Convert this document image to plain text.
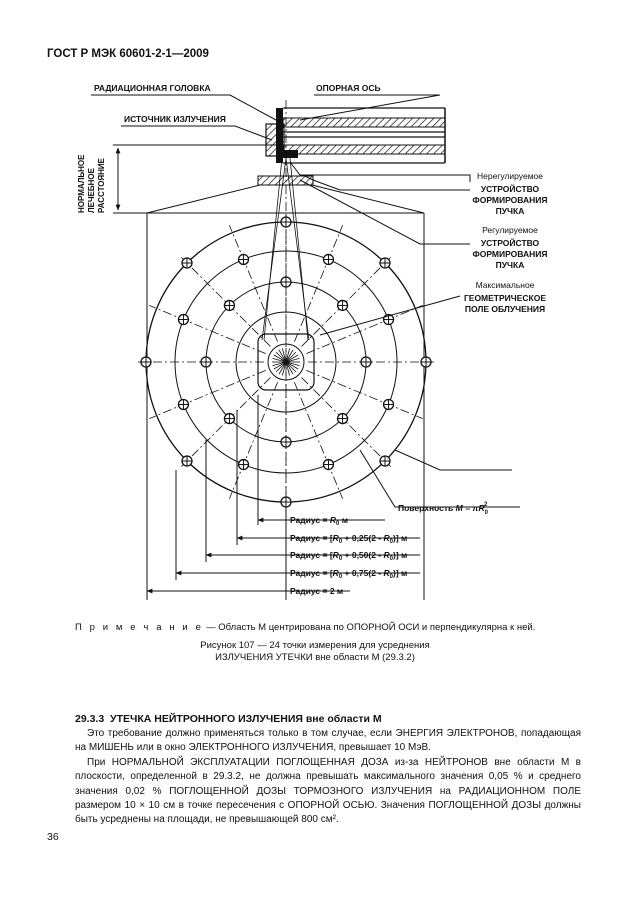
ГОСТ Р МЭК 60601-2-1—2009
РАДИАЦИОННАЯ ГОЛОВКА	ОПОРНАЯ ОСЬ
ИСТОЧНИК ИЗЛУЧЕНИЯ
НОРМАЛЬНОЕ ЛЕЧЕБНОЕ РАССТОЯНИЕ	Нерегулируемое
УСТРОЙСТВО
ФОРМИРОВАНИЯ
ПУЧКА
Регулируемое
УСТРОЙСТВО
ФОРМИРОВАНИЯ
ПУЧКА
Максимальное
ГЕОМЕТРИЧЕСКОЕ
ПОЛЕ ОБЛУЧЕНИЯ
Поверхность $M = \pi R_02$
Радиус = $R_0$ м
Радиус = $[R_0 + 0,25(2 - R_0)]$ м
Радиус = $[R_0 + 0,50(2 - R_0)]$ м
Радиус = $[R_0 + 0,75(2 - R_0)]$ м
Радиус = 2 м
П р и м е ч а н и е — Область M центрирована по ОПОРНОЙ ОСИ и перпендикулярна к ней.
Рисунок 107 — 24 точки измерения для усреднения
ИЗЛУЧЕНИЯ УТЕЧКИ вне области M (29.3.2)
29.3.3 УТЕЧКА НЕЙТРОННОГО ИЗЛУЧЕНИЯ вне области M
Это требование должно применяться только в том случае, если ЭНЕРГИЯ ЭЛЕКТРОНОВ, попадающая на МИШЕНЬ или в окно ЭЛЕКТРОННОГО ИЗЛУЧЕНИЯ, превышает 10 МэВ.
При НОРМАЛЬНОЙ ЭКСПЛУАТАЦИИ ПОГЛОЩЕННАЯ ДОЗА из-за НЕЙТРОНОВ вне области M в плоскости, определенной в 29.3.2, не должна превышать максимального значения 0,05 % и среднего значения 0,02 % ПОГЛОЩЕННОЙ ДОЗЫ ТОРМОЗНОГО ИЗЛУЧЕНИЯ на РАДИАЦИОННОМ ПОЛЕ размером 10 × 10 см в точке пересечения с ОПОРНОЙ ОСЬЮ. Значения ПОГЛОЩЕННОЙ ДОЗЫ должны быть усреднены на площади, не превышающей 800 см².
36
